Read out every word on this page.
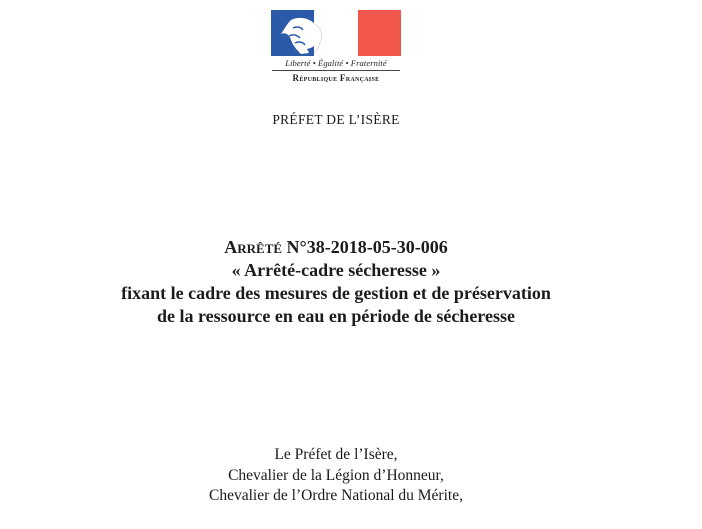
Liberté • Égalité • Fraternité
République Française
PRÉFET DE L’ISÈRE
Arrêté N°38-2018-05-30-006
« Arrêté-cadre sécheresse »
fixant le cadre des mesures de gestion et de préservation
de la ressource en eau en période de sécheresse
Le Préfet de l’Isère,
Chevalier de la Légion d’Honneur,
Chevalier de l’Ordre National du Mérite,
